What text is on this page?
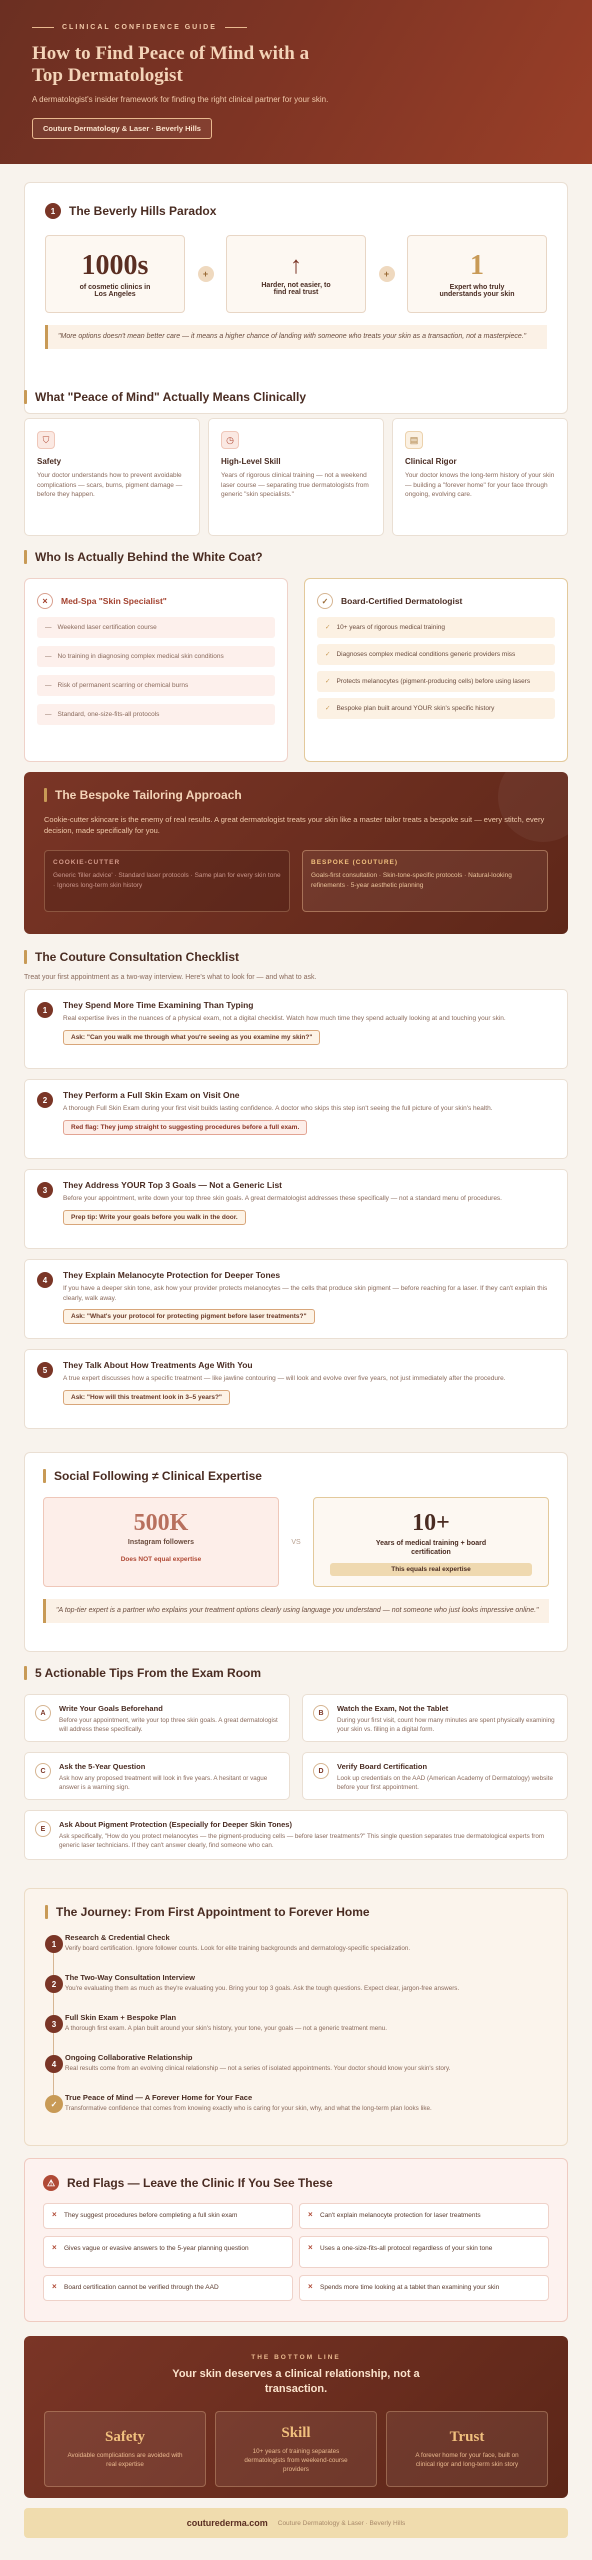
CLINICAL CONFIDENCE GUIDE
How to Find Peace of Mind with a Top Dermatologist
A dermatologist's insider framework for finding the right clinical partner for your skin.
Couture Dermatology & Laser · Beverly Hills
1	The Beverly Hills Paradox
1000s
of cosmetic clinics in Los Angeles
+	↑
Harder, not easier, to find real trust
+	1
Expert who truly understands your skin
"More options doesn't mean better care — it means a higher chance of landing with someone who treats your skin as a transaction, not a masterpiece."
What "Peace of Mind" Actually Means Clinically
⛉
Safety
Your doctor understands how to prevent avoidable complications — scars, burns, pigment damage — before they happen.
◷
High-Level Skill
Years of rigorous clinical training — not a weekend laser course — separating true dermatologists from generic "skin specialists."
▤
Clinical Rigor
Your doctor knows the long-term history of your skin — building a "forever home" for your face through ongoing, evolving care.
Who Is Actually Behind the White Coat?
×	Med-Spa "Skin Specialist"
— Weekend laser certification course
— No training in diagnosing complex medical skin conditions
— Risk of permanent scarring or chemical burns
— Standard, one-size-fits-all protocols
✓	Board-Certified Dermatologist
✓ 10+ years of rigorous medical training
✓ Diagnoses complex medical conditions generic providers miss
✓ Protects melanocytes (pigment-producing cells) before using lasers
✓ Bespoke plan built around YOUR skin's specific history
The Bespoke Tailoring Approach
Cookie-cutter skincare is the enemy of real results. A great dermatologist treats your skin like a master tailor treats a bespoke suit — every stitch, every decision, made specifically for you.
COOKIE-CUTTER
Generic 'filler advice' · Standard laser protocols · Same plan for every skin tone · Ignores long-term skin history
BESPOKE (COUTURE)
Goals-first consultation · Skin-tone-specific protocols · Natural-looking refinements · 5-year aesthetic planning
The Couture Consultation Checklist
Treat your first appointment as a two-way interview. Here's what to look for — and what to ask.
1	They Spend More Time Examining Than Typing
Real expertise lives in the nuances of a physical exam, not a digital checklist. Watch how much time they spend actually looking at and touching your skin.
Ask: "Can you walk me through what you're seeing as you examine my skin?"
2	They Perform a Full Skin Exam on Visit One
A thorough Full Skin Exam during your first visit builds lasting confidence. A doctor who skips this step isn't seeing the full picture of your skin's health.
Red flag: They jump straight to suggesting procedures before a full exam.
3	They Address YOUR Top 3 Goals — Not a Generic List
Before your appointment, write down your top three skin goals. A great dermatologist addresses these specifically — not a standard menu of procedures.
Prep tip: Write your goals before you walk in the door.
4	They Explain Melanocyte Protection for Deeper Tones
If you have a deeper skin tone, ask how your provider protects melanocytes — the cells that produce skin pigment — before reaching for a laser. If they can't explain this clearly, walk away.
Ask: "What's your protocol for protecting pigment before laser treatments?"
5	They Talk About How Treatments Age With You
A true expert discusses how a specific treatment — like jawline contouring — will look and evolve over five years, not just immediately after the procedure.
Ask: "How will this treatment look in 3–5 years?"
Social Following ≠ Clinical Expertise
500K
Instagram followers
Does NOT equal expertise
VS
10+
Years of medical training + board certification
This equals real expertise
"A top-tier expert is a partner who explains your treatment options clearly using language you understand — not someone who just looks impressive online."
5 Actionable Tips From the Exam Room
A	Write Your Goals Beforehand
Before your appointment, write your top three skin goals. A great dermatologist will address these specifically.
B	Watch the Exam, Not the Tablet
During your first visit, count how many minutes are spent physically examining your skin vs. filling in a digital form.
C	Ask the 5-Year Question
Ask how any proposed treatment will look in five years. A hesitant or vague answer is a warning sign.
D	Verify Board Certification
Look up credentials on the AAD (American Academy of Dermatology) website before your first appointment.
E	Ask About Pigment Protection (Especially for Deeper Skin Tones)
Ask specifically, "How do you protect melanocytes — the pigment-producing cells — before laser treatments?" This single question separates true dermatological experts from generic laser technicians. If they can't answer clearly, find someone who can.
The Journey: From First Appointment to Forever Home
1
Research & Credential Check
Verify board certification. Ignore follower counts. Look for elite training backgrounds and dermatology-specific specialization.
2
The Two-Way Consultation Interview
You're evaluating them as much as they're evaluating you. Bring your top 3 goals. Ask the tough questions. Expect clear, jargon-free answers.
3
Full Skin Exam + Bespoke Plan
A thorough first exam. A plan built around your skin's history, your tone, your goals — not a generic treatment menu.
4
Ongoing Collaborative Relationship
Real results come from an evolving clinical relationship — not a series of isolated appointments. Your doctor should know your skin's story.
✓
True Peace of Mind — A Forever Home for Your Face
Transformative confidence that comes from knowing exactly who is caring for your skin, why, and what the long-term plan looks like.
⚠ Red Flags — Leave the Clinic If You See These
× They suggest procedures before completing a full skin exam	× Can't explain melanocyte protection for laser treatments
× Gives vague or evasive answers to the 5-year planning question	× Uses a one-size-fits-all protocol regardless of your skin tone
× Board certification cannot be verified through the AAD	× Spends more time looking at a tablet than examining your skin
THE BOTTOM LINE
Your skin deserves a clinical relationship, not a transaction.
Safety
Avoidable complications are avoided with real expertise
Skill
10+ years of training separates dermatologists from weekend-course providers
Trust
A forever home for your face, built on clinical rigor and long-term skin story
couturederma.com Couture Dermatology & Laser · Beverly Hills
